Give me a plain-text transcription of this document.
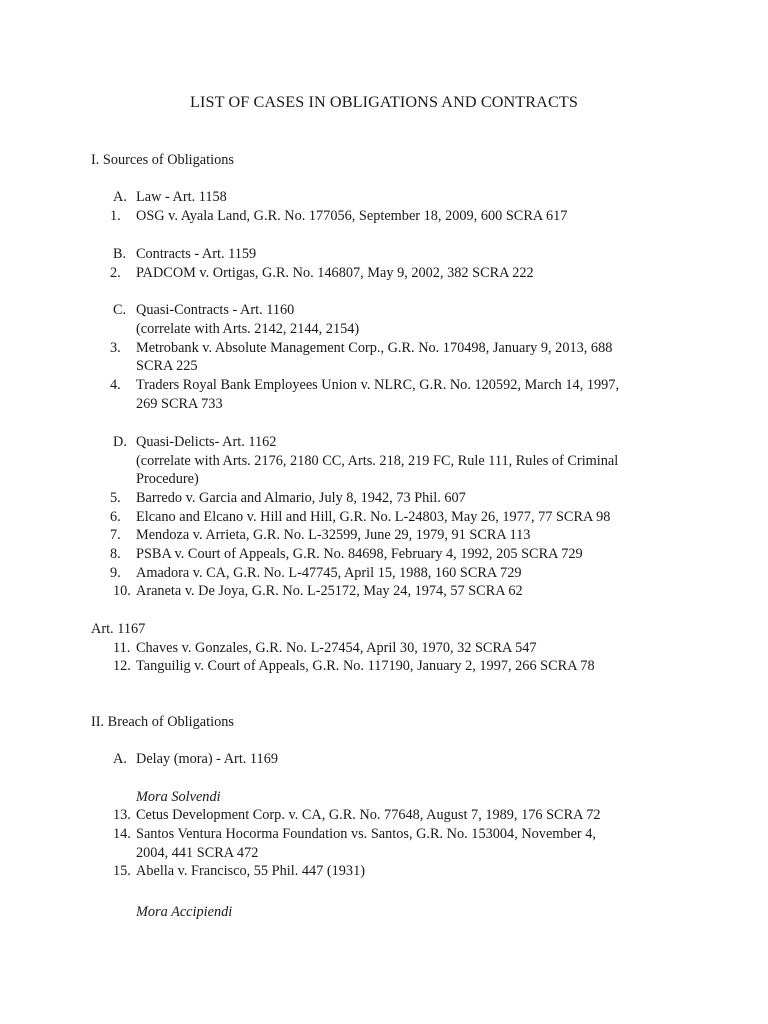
LIST OF CASES IN OBLIGATIONS AND CONTRACTS
I. Sources of Obligations
A. Law - Art. 1158
1.	OSG v. Ayala Land, G.R. No. 177056, September 18, 2009, 600 SCRA 617
B. Contracts - Art. 1159
2.	PADCOM v. Ortigas, G.R. No. 146807, May 9, 2002, 382 SCRA 222
C. Quasi-Contracts - Art. 1160
(correlate with Arts. 2142, 2144, 2154)
3.	Metrobank v. Absolute Management Corp., G.R. No. 170498, January 9, 2013, 688
SCRA 225
4.	Traders Royal Bank Employees Union v. NLRC, G.R. No. 120592, March 14, 1997,
269 SCRA 733
D. Quasi-Delicts- Art. 1162
(correlate with Arts. 2176, 2180 CC, Arts. 218, 219 FC, Rule 111, Rules of Criminal
Procedure)
5.	Barredo v. Garcia and Almario, July 8, 1942, 73 Phil. 607
6.	Elcano and Elcano v. Hill and Hill, G.R. No. L-24803, May 26, 1977, 77 SCRA 98
7.	Mendoza v. Arrieta, G.R. No. L-32599, June 29, 1979, 91 SCRA 113
8.	PSBA v. Court of Appeals, G.R. No. 84698, February 4, 1992, 205 SCRA 729
9.	Amadora v. CA, G.R. No. L-47745, April 15, 1988, 160 SCRA 729
10. Araneta v. De Joya, G.R. No. L-25172, May 24, 1974, 57 SCRA 62
Art. 1167
11. Chaves v. Gonzales, G.R. No. L-27454, April 30, 1970, 32 SCRA 547
12. Tanguilig v. Court of Appeals, G.R. No. 117190, January 2, 1997, 266 SCRA 78
II. Breach of Obligations
A. Delay (mora) - Art. 1169
Mora Solvendi
13. Cetus Development Corp. v. CA, G.R. No. 77648, August 7, 1989, 176 SCRA 72
14. Santos Ventura Hocorma Foundation vs. Santos, G.R. No. 153004, November 4,
2004, 441 SCRA 472
15. Abella v. Francisco, 55 Phil. 447 (1931)
Mora Accipiendi
